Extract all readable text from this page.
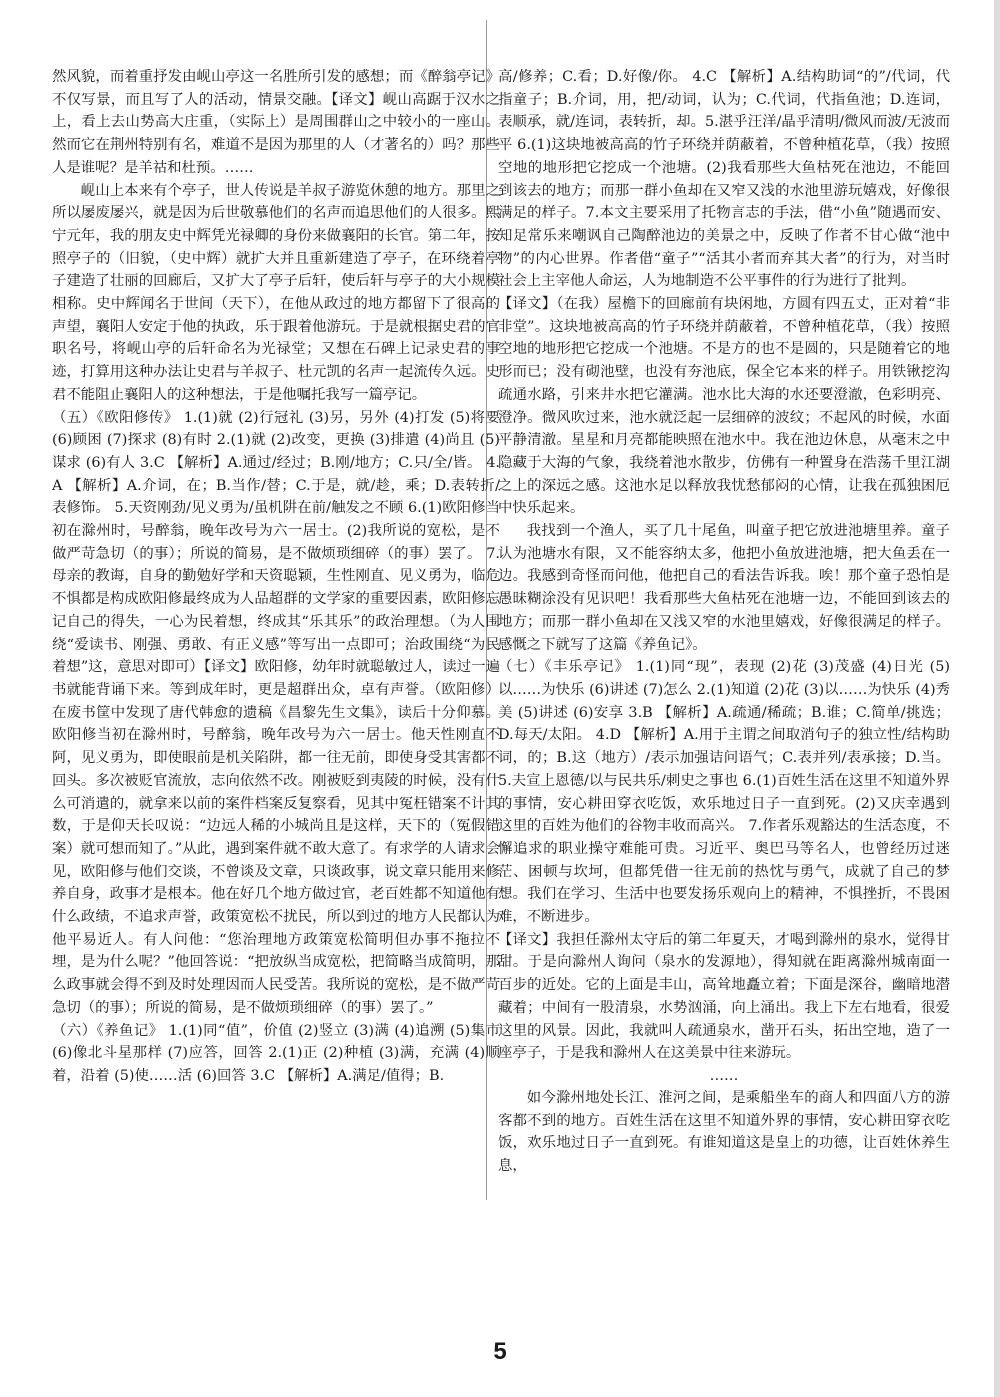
然风貌，而着重抒发由岘山亭这一名胜所引发的感想；而《醉翁亭记》不仅写景，而且写了人的活动，情景交融。【译文】岘山高踞于汉水之上，看上去山势高大庄重，（实际上）是周围群山之中较小的一座山。然而它在荆州特别有名，难道不是因为那里的人（才著名的）吗？那些人是谁呢？是羊祜和杜预。……

岘山上本来有个亭子，世人传说是羊叔子游览休憩的地方。那里之所以屡废屡兴，就是因为后世敬慕他们的名声而追思他们的人很多。熙宁元年，我的朋友史中辉凭光禄卿的身份来做襄阳的长官。第二年，按照亭子的（旧貌，（史中辉）就扩大并且重新建造了亭子，在环绕着亭子建造了壮丽的回廊后，又扩大了亭子后轩，使后轩与亭子的大小规模相称。史中辉闻名于世间（天下），在他从政过的地方都留下了很高的声望，襄阳人安定于他的执政，乐于跟着他游玩。于是就根据史君的官职名号，将岘山亭的后轩命名为光禄堂；又想在石碑上记录史君的事迹，打算用这种办法让史君与羊叔子、杜元凯的名声一起流传久远。史君不能阻止襄阳人的这种想法，于是他嘱托我写一篇亭记。

（五）《欧阳修传》 1.(1)就 (2)行冠礼 (3)另，另外 (4)打发 (5)将要 (6)顾困 (7)探求 (8)有时 2.(1)就 (2)改变，更换 (3)排遣 (4)尚且 (5)谋求 (6)有人 3.C 【解析】A.通过/经过；B.刚/地方；C.只/全/皆。 4.A 【解析】A.介词，在；B.当作/替；C.于是，就/趁，乘；D.表转折/表修饰。 5.天资刚劲/见义勇为/虽机阱在前/触发之不顾 6.(1)欧阳修当初在滁州时，号醉翁，晚年改号为六一居士。(2)我所说的宽松，是不做严苛急切（的事）；所说的简易，是不做烦琐细碎（的事）罢了。 7.母亲的教诲，自身的勤勉好学和天资聪颖，生性刚直、见义勇为，临危不惧都是构成欧阳修最终成为人品超群的文学家的重要因素，欧阳修忘记自己的得失，一心为民着想，终成其“乐其乐”的政治理想。（为人围绕“爱读书、刚强、勇敢、有正义感”等写出一点即可；治政围绕“为民着想”这，意思对即可）【译文】欧阳修，幼年时就聪敏过人，读过一遍书就能背诵下来。等到成年时，更是超群出众，卓有声誉。（欧阳修）在废书筐中发现了唐代韩愈的遗稿《昌黎先生文集》，读后十分仰慕。欧阳修当初在滁州时，号醉翁，晚年改号为六一居士。他天性刚直不阿，见义勇为，即使眼前是机关陷阱，都一往无前，即使身受其害都不回头。多次被贬官流放，志向依然不改。刚被贬到夷陵的时候，没有什么可消遣的，就拿来以前的案件档案反复察看，见其中冤枉错案不计其数，于是仰天长叹说：“边远人稀的小城尚且是这样，天下的（冤假错案）就可想而知了。”从此，遇到案件就不敢大意了。有求学的人请求会见，欧阳修与他们交谈，不曾谈及文章，只谈政事，说文章只能用来修养自身，政事才是根本。他在好几个地方做过官，老百姓都不知道他有什么政绩，不追求声誉，政策宽松不扰民，所以到过的地方人民都认为他平易近人。有人问他：“您治理地方政策宽松简明但办事不拖拉不埋，是为什么呢？”他回答说：“把放纵当成宽松，把简略当成简明，那么政事就会得不到及时处理因而人民受苦。我所说的宽松，是不做严苛急切（的事）；所说的简易，是不做烦琐细碎（的事）罢了。”

（六）《养鱼记》 1.(1)同“值”，价值 (2)竖立 (3)满 (4)追溯 (5)集市 (6)像北斗星那样 (7)应答，回答 2.(1)正 (2)种植 (3)满，充满 (4)顺着，沿着 (5)使……活 (6)回答 3.C 【解析】A.满足/值得；B.

高/修养；C.看；D.好像/你。 4.C 【解析】A.结构助词“的”/代词，代指童子；B.介词，用，把/动词，认为；C.代词，代指鱼池；D.连词，表顺承，就/连词，表转折，却。5.湛乎汪洋/晶乎清明/微风而波/无波而平 6.(1)这块地被高高的竹子环绕并荫蔽着，不曾种植花草，（我）按照空地的地形把它挖成一个池塘。(2)我看那些大鱼枯死在池边，不能回到该去的地方；而那一群小鱼却在又窄又浅的水池里游玩嬉戏，好像很满足的样子。7.本文主要采用了托物言志的手法，借“小鱼”随遇而安、知足常乐来嘲讽自己陶醉池边的美景之中，反映了作者不甘心做“池中物”的内心世界。作者借“童子”“活其小者而弃其大者”的行为，对当时社会上主宰他人命运，人为地制造不公平事件的行为进行了批判。

【译文】（在我）屋檐下的回廊前有块闲地，方圆有四五丈，正对着“非非堂”。这块地被高高的竹子环绕并荫蔽着，不曾种植花草，（我）按照空地的地形把它挖成一个池塘。不是方的也不是圆的，只是随着它的地形而已；没有砌池壁，也没有夯池底，保全它本来的样子。用铁锹挖沟疏通水路，引来井水把它灌满。池水比大海的水还要澄澈，色彩明亮、澄净。微风吹过来，池水就泛起一层细碎的波纹；不起风的时候，水面平静清澈。星星和月亮都能映照在池水中。我在池边休息，从毫末之中隐藏于大海的气象，我绕着池水散步，仿佛有一种置身在浩荡千里江湖之上的深远之感。这池水足以释放我忧愁郁闷的心情，让我在孤独困厄中快乐起来。

我找到一个渔人，买了几十尾鱼，叫童子把它放进池塘里养。童子认为池塘水有限，又不能容纳太多，他把小鱼放进池塘，把大鱼丢在一边。我感到奇怪而问他，他把自己的看法告诉我。唉！那个童子恐怕是愚昧糊涂没有见识吧！我看那些大鱼枯死在池塘一边，不能回到该去的地方；而那一群小鱼却在又浅又窄的水池里嬉戏，好像很满足的样子。感慨之下就写了这篇《养鱼记》。

（七）《丰乐亭记》 1.(1)同“现”，表现 (2)花 (3)茂盛 (4)日光 (5)以……为快乐 (6)讲述 (7)怎么 2.(1)知道 (2)花 (3)以……为快乐 (4)秀美 (5)讲述 (6)安享 3.B 【解析】A.疏通/稀疏；B.谁；C.简单/挑选；D.每天/太阳。 4.D 【解析】A.用于主谓之间取消句子的独立性/结构助词，的；B.这（地方）/表示加强诘问语气；C.表并列/表承接；D.当。 5.夫宣上恩德/以与民共乐/刺史之事也 6.(1)百姓生活在这里不知道外界的事情，安心耕田穿衣吃饭，欢乐地过日子一直到死。(2)又庆幸遇到这里的百姓为他们的谷物丰收而高兴。 7.作者乐观豁达的生活态度，不懈追求的职业操守难能可贵。习近平、奥巴马等名人，也曾经历过迷茫、困顿与坎坷，但都凭借一往无前的热忱与勇气，成就了自己的梦想。我们在学习、生活中也要发扬乐观向上的精神，不惧挫折，不畏困难，不断进步。

【译文】我担任滁州太守后的第二年夏天，才喝到滁州的泉水，觉得甘甜。于是向滁州人询问（泉水的发源地），得知就在距离滁州城南面一百步的近处。它的上面是丰山，高耸地矗立着；下面是深谷，幽暗地潜藏着；中间有一股清泉，水势汹涌，向上涌出。我上下左右地看，很爱这里的风景。因此，我就叫人疏通泉水，凿开石头，拓出空地，造了一座亭子，于是我和滁州人在这美景中往来游玩。

……

如今滁州地处长江、淮河之间，是乘船坐车的商人和四面八方的游客都不到的地方。百姓生活在这里不知道外界的事情，安心耕田穿衣吃饭，欢乐地过日子一直到死。有谁知道这是皇上的功德，让百姓休养生息，

5
